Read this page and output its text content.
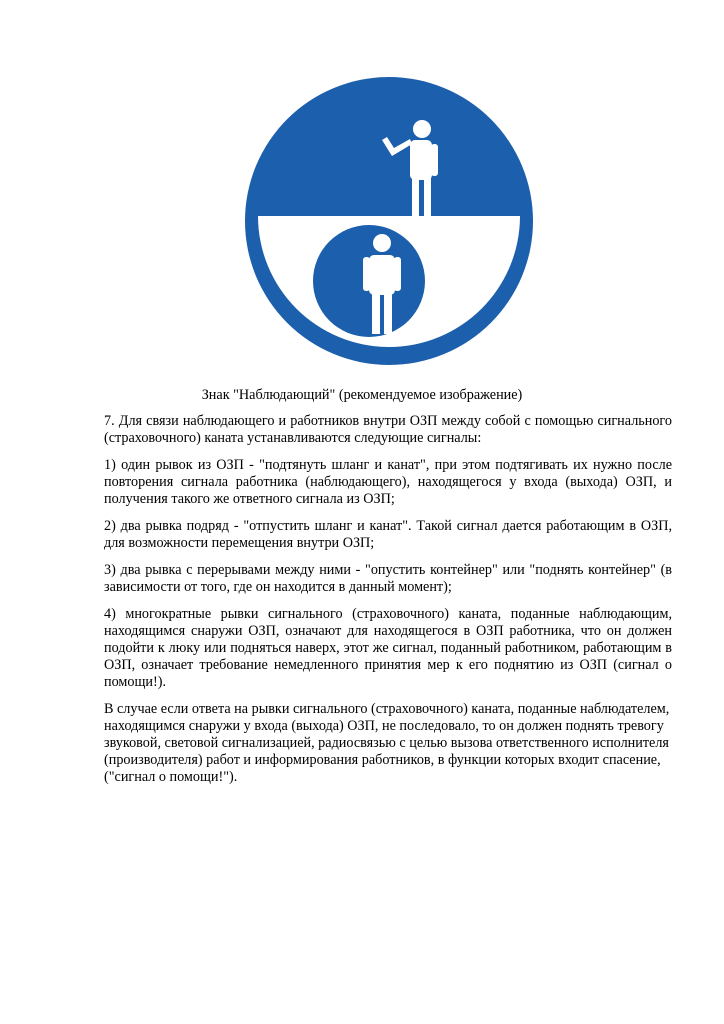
Знак "Наблюдающий" (рекомендуемое изображение)

7. Для связи наблюдающего и работников внутри ОЗП между собой с помощью сигнального (страховочного) каната устанавливаются следующие сигналы:

1) один рывок из ОЗП - "подтянуть шланг и канат", при этом подтягивать их нужно после повторения сигнала работника (наблюдающего), находящегося у входа (выхода) ОЗП, и получения такого же ответного сигнала из ОЗП;

2) два рывка подряд - "отпустить шланг и канат". Такой сигнал дается работающим в ОЗП, для возможности перемещения внутри ОЗП;

3) два рывка с перерывами между ними - "опустить контейнер" или "поднять контейнер" (в зависимости от того, где он находится в данный момент);

4) многократные рывки сигнального (страховочного) каната, поданные наблюдающим, находящимся снаружи ОЗП, означают для находящегося в ОЗП работника, что он должен подойти к люку или подняться наверх, этот же сигнал, поданный работником, работающим в ОЗП, означает требование немедленного принятия мер к его поднятию из ОЗП (сигнал о помощи!).

В случае если ответа на рывки сигнального (страховочного) каната, поданные наблюдателем, находящимся снаружи у входа (выхода) ОЗП, не последовало, то он должен поднять тревогу звуковой, световой сигнализацией, радиосвязью с целью вызова ответственного исполнителя (производителя) работ и информирования работников, в функции которых входит спасение, ("сигнал о помощи!").
